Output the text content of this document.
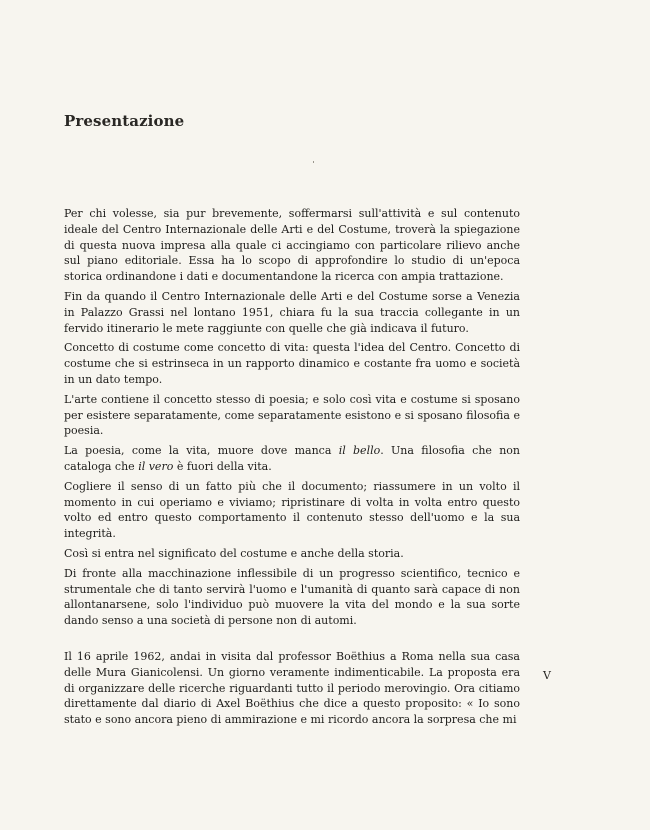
Presentazione

Per chi volesse, sia pur brevemente, soffermarsi sull'attività e sul contenuto ideale del Centro Internazionale delle Arti e del Costume, troverà la spiegazione di questa nuova impresa alla quale ci accingiamo con particolare rilievo anche sul piano editoriale. Essa ha lo scopo di approfondire lo studio di un'epoca storica ordinandone i dati e documentandone la ricerca con ampia trattazione.

Fin da quando il Centro Internazionale delle Arti e del Costume sorse a Venezia in Palazzo Grassi nel lontano 1951, chiara fu la sua traccia collegante in un fervido itinerario le mete raggiunte con quelle che già indicava il futuro.

Concetto di costume come concetto di vita: questa l'idea del Centro. Concetto di costume che si estrinseca in un rapporto dinamico e costante fra uomo e società in un dato tempo.

L'arte contiene il concetto stesso di poesia; e solo così vita e costume si sposano per esistere separatamente, come separatamente esistono e si sposano filosofia e poesia.

La poesia, come la vita, muore dove manca il bello. Una filosofia che non cataloga che il vero è fuori della vita.

Cogliere il senso di un fatto più che il documento; riassumere in un volto il momento in cui operiamo e viviamo; ripristinare di volta in volta entro questo volto ed entro questo comportamento il contenuto stesso dell'uomo e la sua integrità.

Così si entra nel significato del costume e anche della storia.

Di fronte alla macchinazione inflessibile di un progresso scientifico, tecnico e strumentale che di tanto servirà l'uomo e l'umanità di quanto sarà capace di non allontanarsene, solo l'individuo può muovere la vita del mondo e la sua sorte dando senso a una società di persone non di automi.

Il 16 aprile 1962, andai in visita dal professor Boëthius a Roma nella sua casa delle Mura Gianicolensi. Un giorno veramente indimenticabile. La proposta era di organizzare delle ricerche riguardanti tutto il periodo merovingio. Ora citiamo direttamente dal diario di Axel Boëthius che dice a questo proposito: « Io sono stato e sono ancora pieno di ammirazione e mi ricordo ancora la sorpresa che mi

V
